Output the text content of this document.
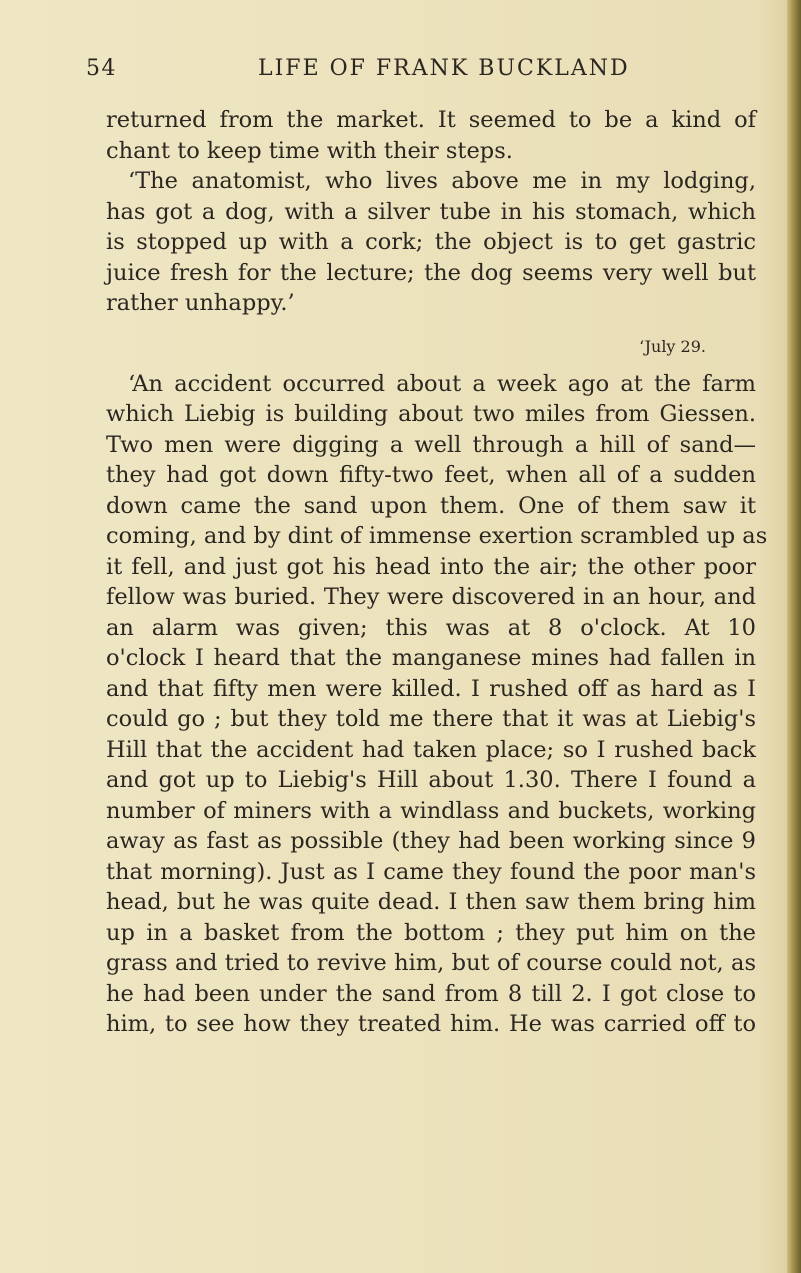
54	LIFE OF FRANK BUCKLAND
returned from the market. It seemed to be a kind of
chant to keep time with their steps.
‘The anatomist, who lives above me in my lodging,
has got a dog, with a silver tube in his stomach, which
is stopped up with a cork; the object is to get gastric
juice fresh for the lecture; the dog seems very well but
rather unhappy.’
‘July 29.
‘An accident occurred about a week ago at the farm
which Liebig is building about two miles from Giessen.
Two men were digging a well through a hill of sand—
they had got down fifty-two feet, when all of a sudden
down came the sand upon them. One of them saw it
coming, and by dint of immense exertion scrambled up as
it fell, and just got his head into the air; the other poor
fellow was buried. They were discovered in an hour, and
an alarm was given; this was at 8 o'clock. At 10
o'clock I heard that the manganese mines had fallen in
and that fifty men were killed. I rushed off as hard as I
could go ; but they told me there that it was at Liebig's
Hill that the accident had taken place; so I rushed back
and got up to Liebig's Hill about 1.30. There I found a
number of miners with a windlass and buckets, working
away as fast as possible (they had been working since 9
that morning). Just as I came they found the poor man's
head, but he was quite dead. I then saw them bring him
up in a basket from the bottom ; they put him on the
grass and tried to revive him, but of course could not, as
he had been under the sand from 8 till 2. I got close to
him, to see how they treated him. He was carried off to
